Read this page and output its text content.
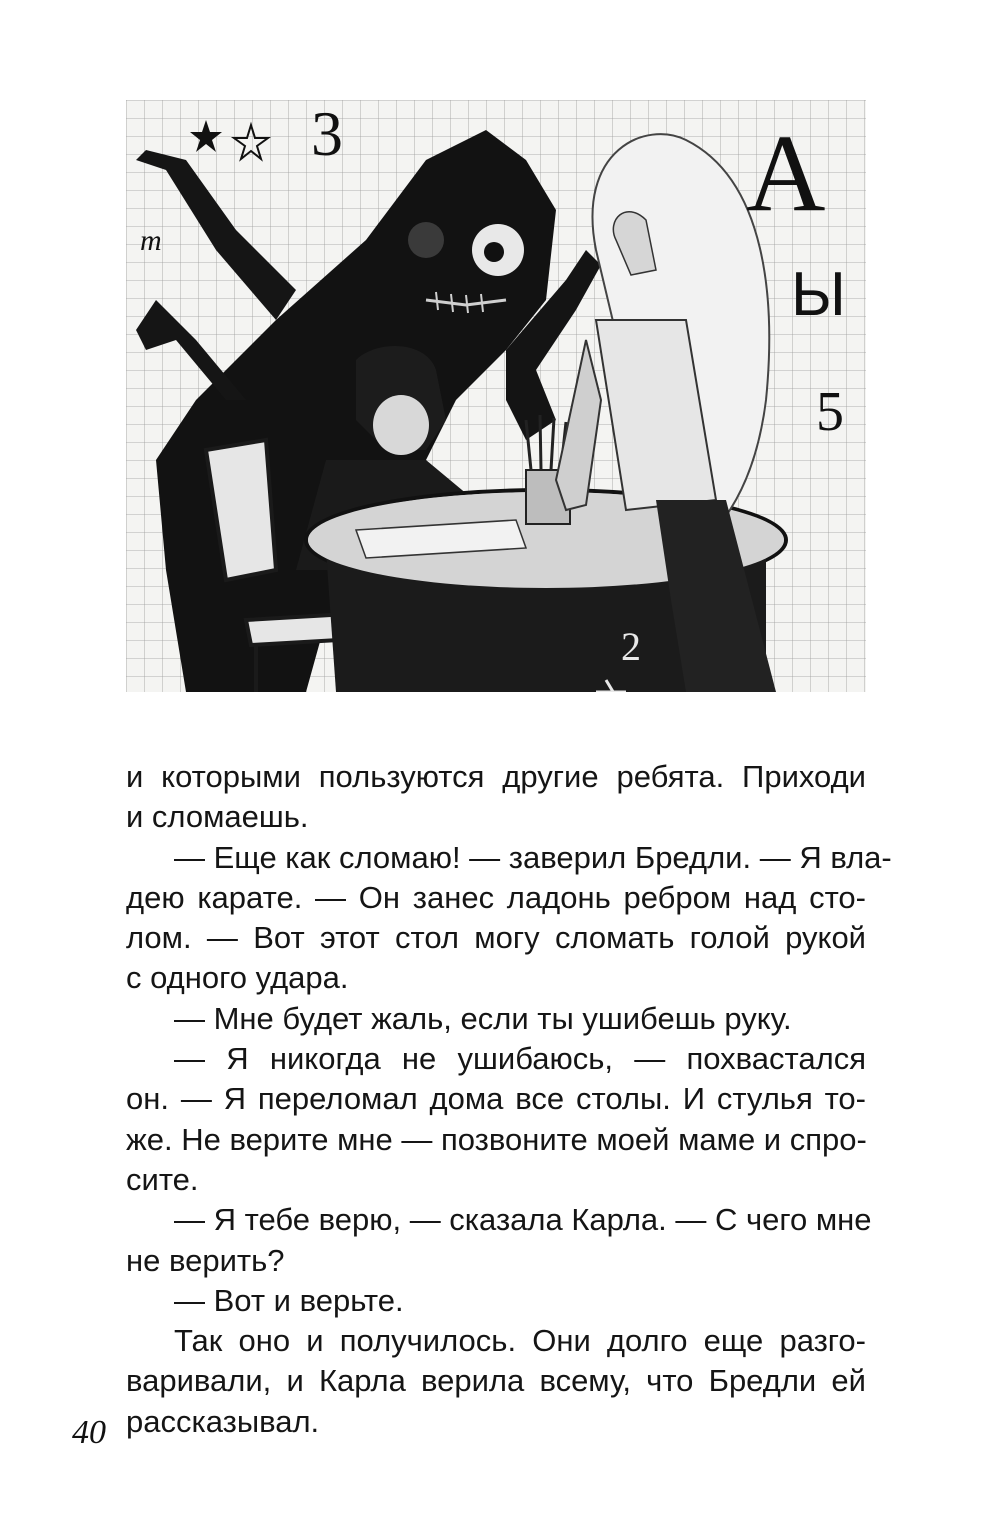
А
Ы
5
3
2
m
и которыми пользуются другие ребята. Приходи
и сломаешь.
— Еще как сломаю! — заверил Бредли. — Я вла-
дею карате. — Он занес ладонь ребром над сто-
лом. — Вот этот стол могу сломать голой рукой
с одного удара.
— Мне будет жаль, если ты ушибешь руку.
— Я никогда не ушибаюсь, — похвастался
он. — Я переломал дома все столы. И стулья то-
же. Не верите мне — позвоните моей маме и спро-
сите.
— Я тебе верю, — сказала Карла. — С чего мне
не верить?
— Вот и верьте.
Так оно и получилось. Они долго еще разго-
варивали, и Карла верила всему, что Бредли ей
рассказывал.
40
